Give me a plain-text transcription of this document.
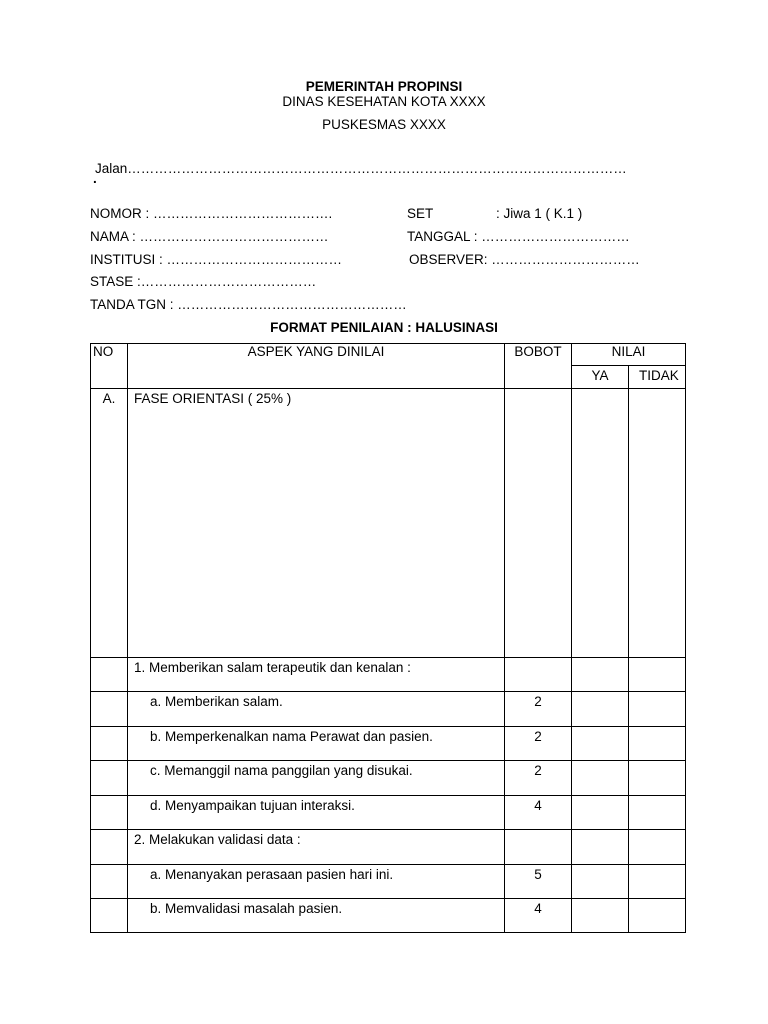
PEMERINTAH PROPINSI
DINAS KESEHATAN KOTA XXXX
PUSKESMAS XXXX
Jalan…………………………………………………………………………………………………
.
NOMOR : ………………………………….	SET	: Jiwa 1 ( K.1 )
NAMA : ……………………………………	TANGGAL : ……………………………
INSTITUSI : …………………………………	OBSERVER: ……………………………
STASE :…………………………………
TANDA TGN : ……………………………………………
FORMAT PENILAIAN : HALUSINASI
NO	ASPEK YANG DINILAI	BOBOT	NILAI	

			YA	TIDAK

A.	FASE ORIENTASI ( 25% )			

	1. Memberikan salam terapeutik dan kenalan :			

	a. Memberikan salam.	2		

	b. Memperkenalkan nama Perawat dan pasien.	2		

	c. Memanggil nama panggilan yang disukai.	2		

	d. Menyampaikan tujuan interaksi.	4		

	2. Melakukan validasi data :			

	a. Menanyakan perasaan pasien hari ini.	5		

	b. Memvalidasi masalah pasien.	4		
